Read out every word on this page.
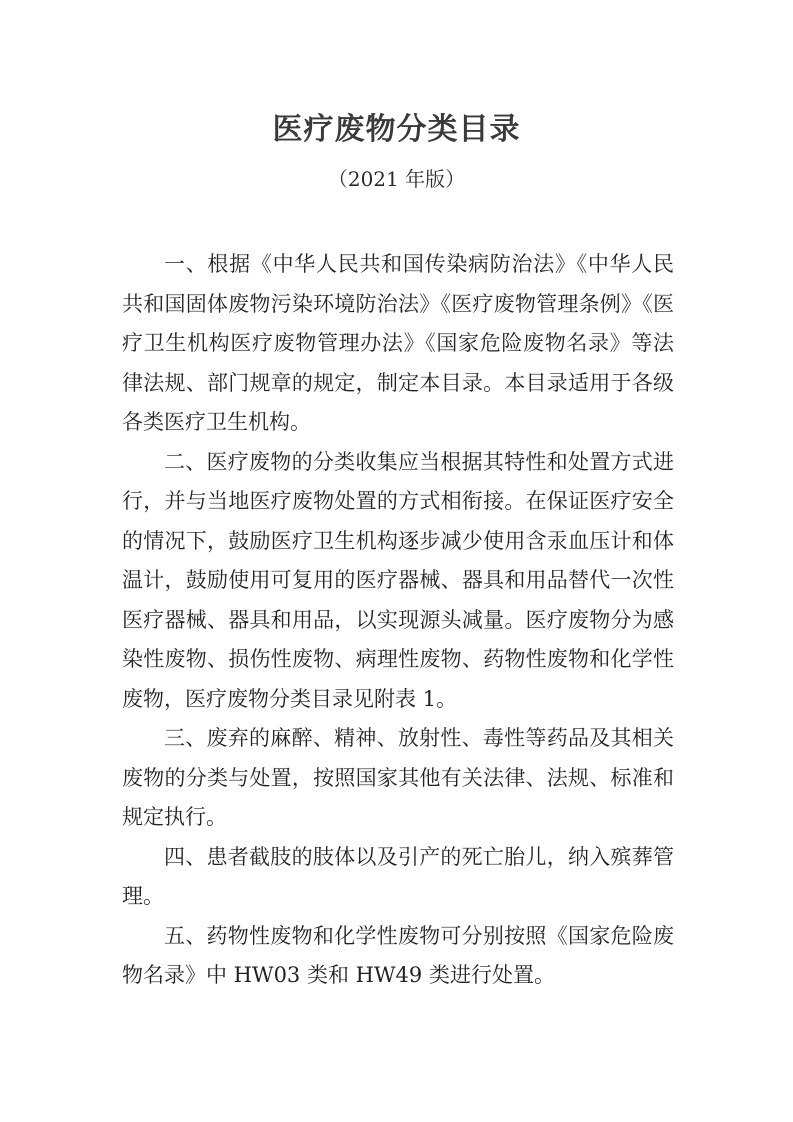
医疗废物分类目录
（2021 年版）

一、根据《中华人民共和国传染病防治法》《中华人民共和国固体废物污染环境防治法》《医疗废物管理条例》《医疗卫生机构医疗废物管理办法》《国家危险废物名录》等法律法规、部门规章的规定，制定本目录。本目录适用于各级各类医疗卫生机构。

二、医疗废物的分类收集应当根据其特性和处置方式进行，并与当地医疗废物处置的方式相衔接。在保证医疗安全的情况下，鼓励医疗卫生机构逐步减少使用含汞血压计和体温计，鼓励使用可复用的医疗器械、器具和用品替代一次性医疗器械、器具和用品，以实现源头减量。医疗废物分为感染性废物、损伤性废物、病理性废物、药物性废物和化学性废物，医疗废物分类目录见附表 1。

三、废弃的麻醉、精神、放射性、毒性等药品及其相关废物的分类与处置，按照国家其他有关法律、法规、标准和规定执行。

四、患者截肢的肢体以及引产的死亡胎儿，纳入殡葬管理。

五、药物性废物和化学性废物可分别按照《国家危险废物名录》中 HW03 类和 HW49 类进行处置。
